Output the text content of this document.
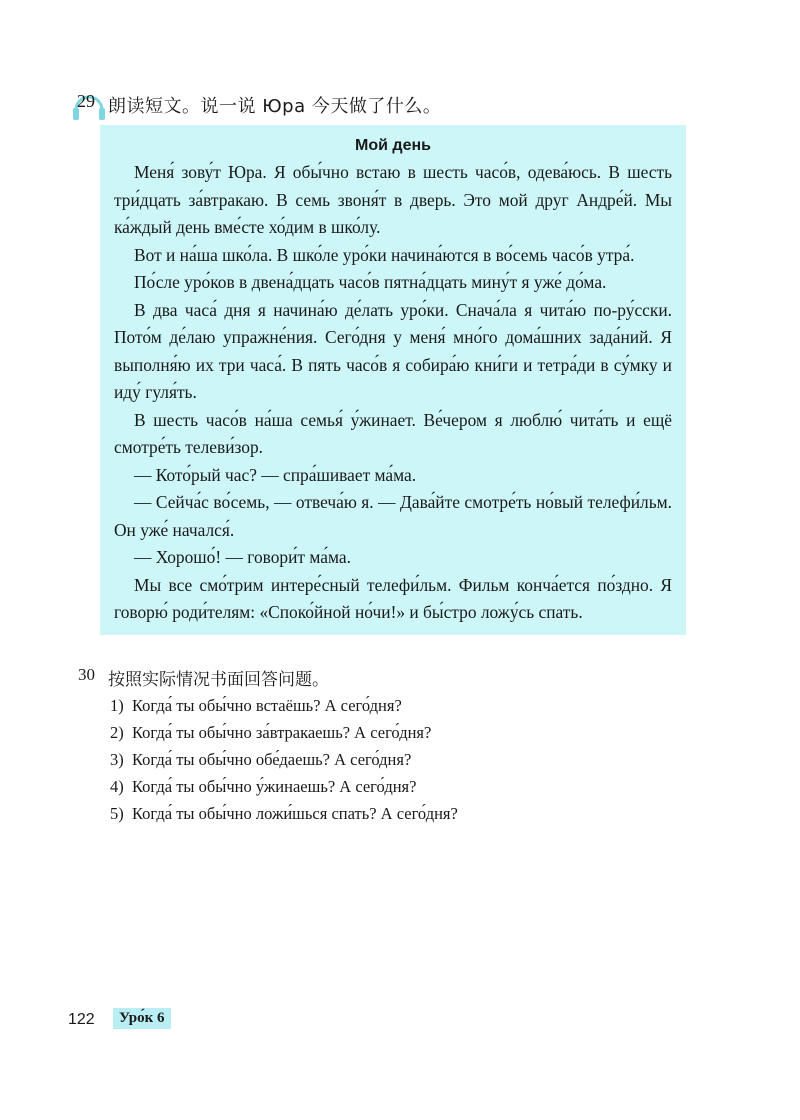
29 朗读短文。说一说 Юра 今天做了什么。
Мой день

Меня́ зову́т Юра. Я обы́чно встаю в шесть часо́в, одева́юсь. В шесть три́дцать за́втракаю. В семь звоня́т в дверь. Это мой друг Андре́й. Мы ка́ждый день вме́сте хо́дим в шко́лу.

Вот и на́ша шко́ла. В шко́ле уро́ки начина́ются в во́семь часо́в утра́.

По́сле уро́ков в двена́дцать часо́в пятна́дцать мину́т я уже́ до́ма.

В два часа́ дня я начина́ю де́лать уро́ки. Снача́ла я чита́ю по-ру́сски. Пото́м де́лаю упражне́ния. Сего́дня у меня́ мно́го дома́шних зада́ний. Я выполня́ю их три часа́. В пять часо́в я собира́ю кни́ги и тетра́ди в су́мку и иду́ гуля́ть.

В шесть часо́в на́ша семья́ у́жинает. Ве́чером я люблю́ чита́ть и ещё смотре́ть телеви́зор.

— Кото́рый час? — спра́шивает ма́ма.

— Сейча́с во́семь, — отвеча́ю я. — Дава́йте смотре́ть но́вый телефи́льм. Он уже́ начался́.

— Хорошо́! — говори́т ма́ма.

Мы все смо́трим интере́сный телефи́льм. Фильм конча́ется по́здно. Я говорю́ роди́телям: «Споко́йной но́чи!» и бы́стро ложу́сь спать.

30 按照实际情况书面回答问题。
1) Когда́ ты обы́чно встаёшь? А сего́дня?
2) Когда́ ты обы́чно за́втракаешь? А сего́дня?
3) Когда́ ты обы́чно обе́даешь? А сего́дня?
4) Когда́ ты обы́чно у́жинаешь? А сего́дня?
5) Когда́ ты обы́чно ложи́шься спать? А сего́дня?
122	Уро́к 6
